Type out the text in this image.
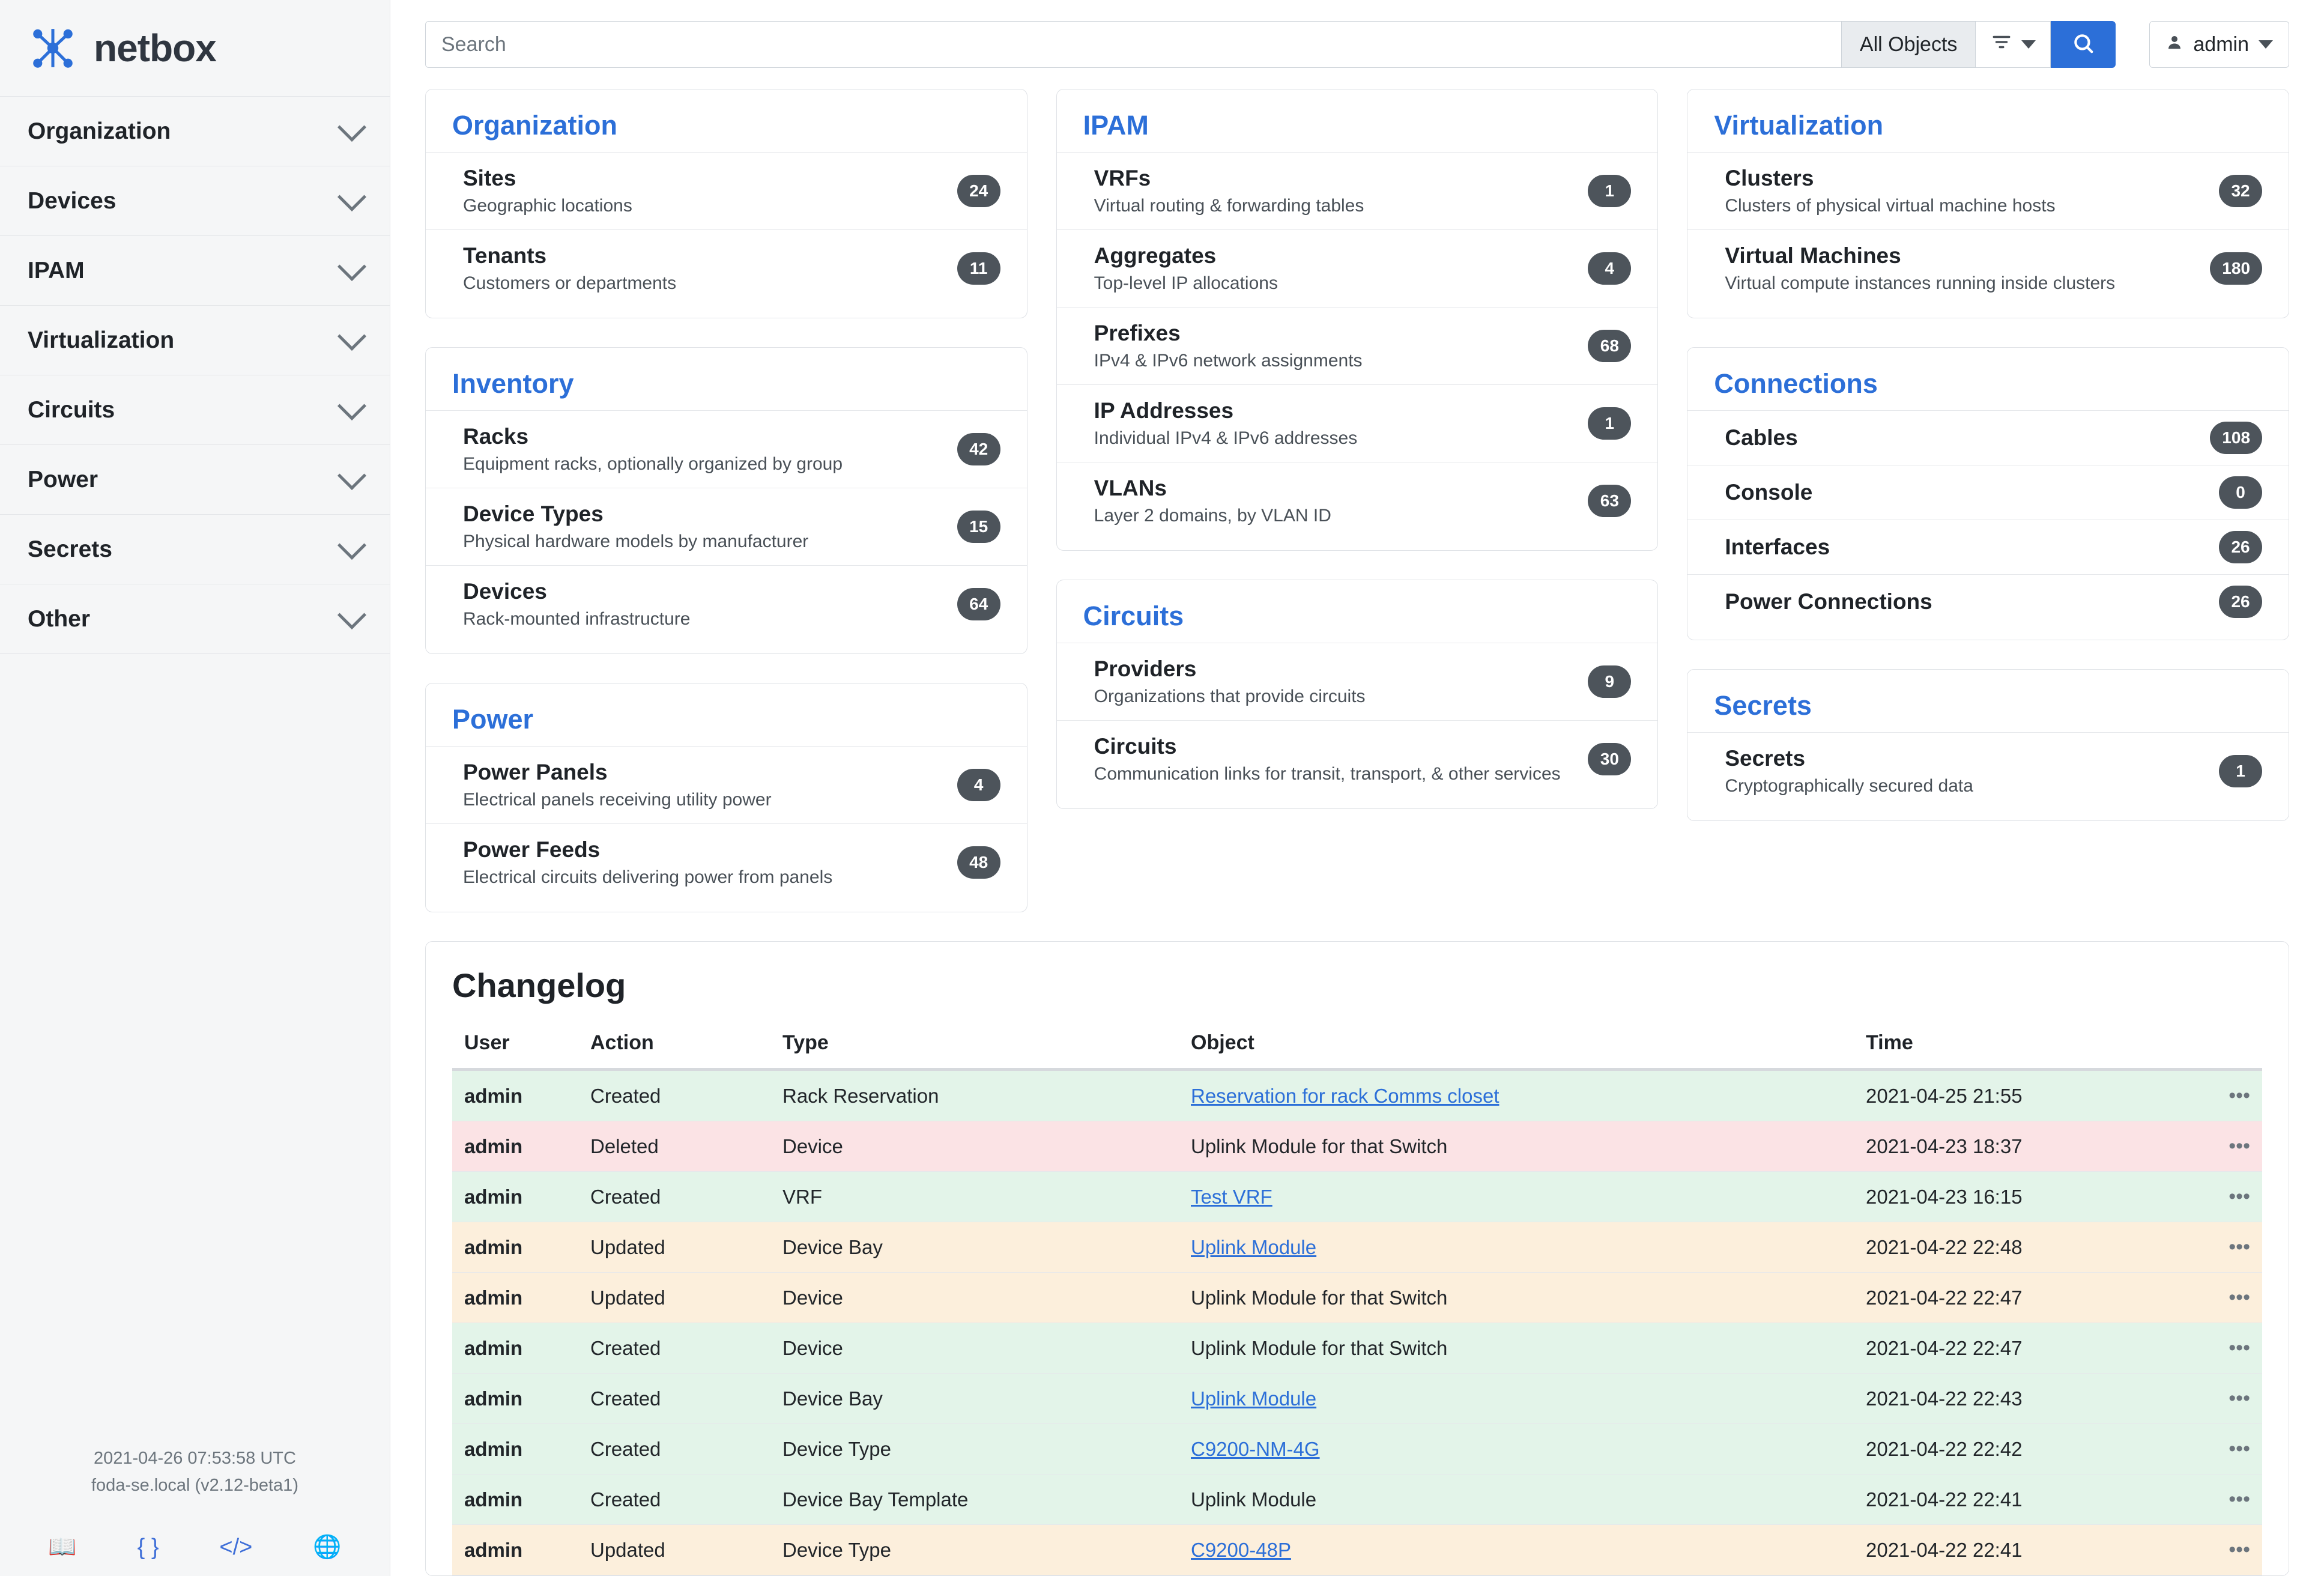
netbox
Organization
Devices
IPAM
Virtualization
Circuits
Power
Secrets
Other
2021-04-26 07:53:58 UTC
foda-se.local (v2.12-beta1)
📖	{ }	</>	🌐
Search
All Objects	admin
Organization
Sites
Geographic locations
24
Tenants
Customers or departments
11
Inventory
Racks
Equipment racks, optionally organized by group
42
Device Types
Physical hardware models by manufacturer
15
Devices
Rack-mounted infrastructure
64
Power
Power Panels
Electrical panels receiving utility power
4
Power Feeds
Electrical circuits delivering power from panels
48
IPAM
VRFs
Virtual routing & forwarding tables
1
Aggregates
Top-level IP allocations
4
Prefixes
IPv4 & IPv6 network assignments
68
IP Addresses
Individual IPv4 & IPv6 addresses
1
VLANs
Layer 2 domains, by VLAN ID
63
Circuits
Providers
Organizations that provide circuits
9
Circuits
Communication links for transit, transport, & other services
30
Virtualization
Clusters
Clusters of physical virtual machine hosts
32
Virtual Machines
Virtual compute instances running inside clusters
180
Connections
Cables	108
Console	0
Interfaces	26
Power Connections	26
Secrets
Secrets
Cryptographically secured data
1
Changelog
User	Action	Type	Object	Time	
admin	Created	Rack Reservation	Reservation for rack Comms closet	2021-04-25 21:55	•••
admin	Deleted	Device	Uplink Module for that Switch	2021-04-23 18:37	•••
admin	Created	VRF	Test VRF	2021-04-23 16:15	•••
admin	Updated	Device Bay	Uplink Module	2021-04-22 22:48	•••
admin	Updated	Device	Uplink Module for that Switch	2021-04-22 22:47	•••
admin	Created	Device	Uplink Module for that Switch	2021-04-22 22:47	•••
admin	Created	Device Bay	Uplink Module	2021-04-22 22:43	•••
admin	Created	Device Type	C9200-NM-4G	2021-04-22 22:42	•••
admin	Created	Device Bay Template	Uplink Module	2021-04-22 22:41	•••
admin	Updated	Device Type	C9200-48P	2021-04-22 22:41	•••
